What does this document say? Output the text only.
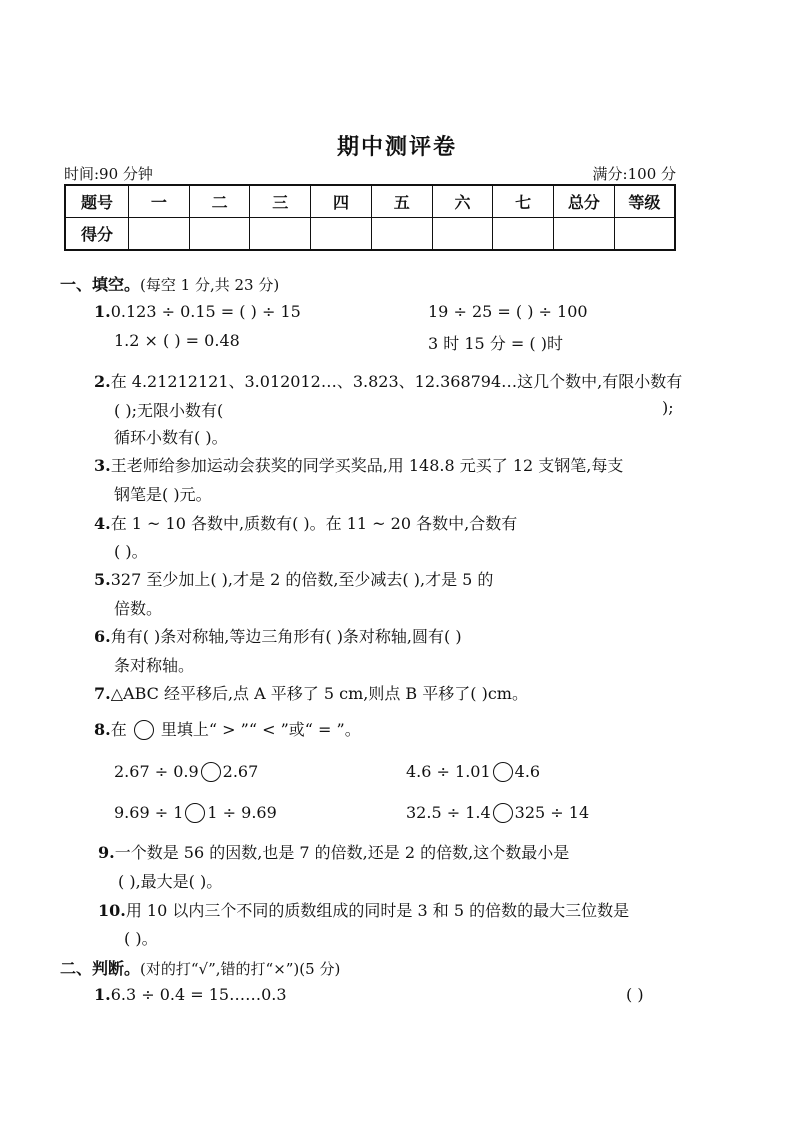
期中测评卷
时间:90 分钟	满分:100 分
题号	一	二	三	四	五	六	七	总分	等级
得分									
一、填空。(每空 1 分,共 23 分)
1.0.123 ÷ 0.15 = ( ) ÷ 15	19 ÷ 25 = ( ) ÷ 100
1.2 × ( ) = 0.48	3 时 15 分 = ( )时
2.在 4.21212121、3.012012…、3.823、12.368794…这几个数中,有限小数有
( );无限小数有(	);
循环小数有( )。
3.王老师给参加运动会获奖的同学买奖品,用 148.8 元买了 12 支钢笔,每支
钢笔是( )元。
4.在 1 ~ 10 各数中,质数有( )。在 11 ~ 20 各数中,合数有
( )。
5.327 至少加上( ),才是 2 的倍数,至少减去( ),才是 5 的
倍数。
6.角有( )条对称轴,等边三角形有( )条对称轴,圆有( )
条对称轴。
7.△ABC 经平移后,点 A 平移了 5 cm,则点 B 平移了( )cm。
8.在 里填上“ > ”“ < ”或“ = ”。
2.67 ÷ 0.9 2.67	4.6 ÷ 1.01 4.6
9.69 ÷ 1 1 ÷ 9.69	32.5 ÷ 1.4 325 ÷ 14
9.一个数是 56 的因数,也是 7 的倍数,还是 2 的倍数,这个数最小是
( ),最大是( )。
10.用 10 以内三个不同的质数组成的同时是 3 和 5 的倍数的最大三位数是
( )。
二、判断。(对的打“√”,错的打“×”)(5 分)
1.6.3 ÷ 0.4 = 15……0.3	( )
